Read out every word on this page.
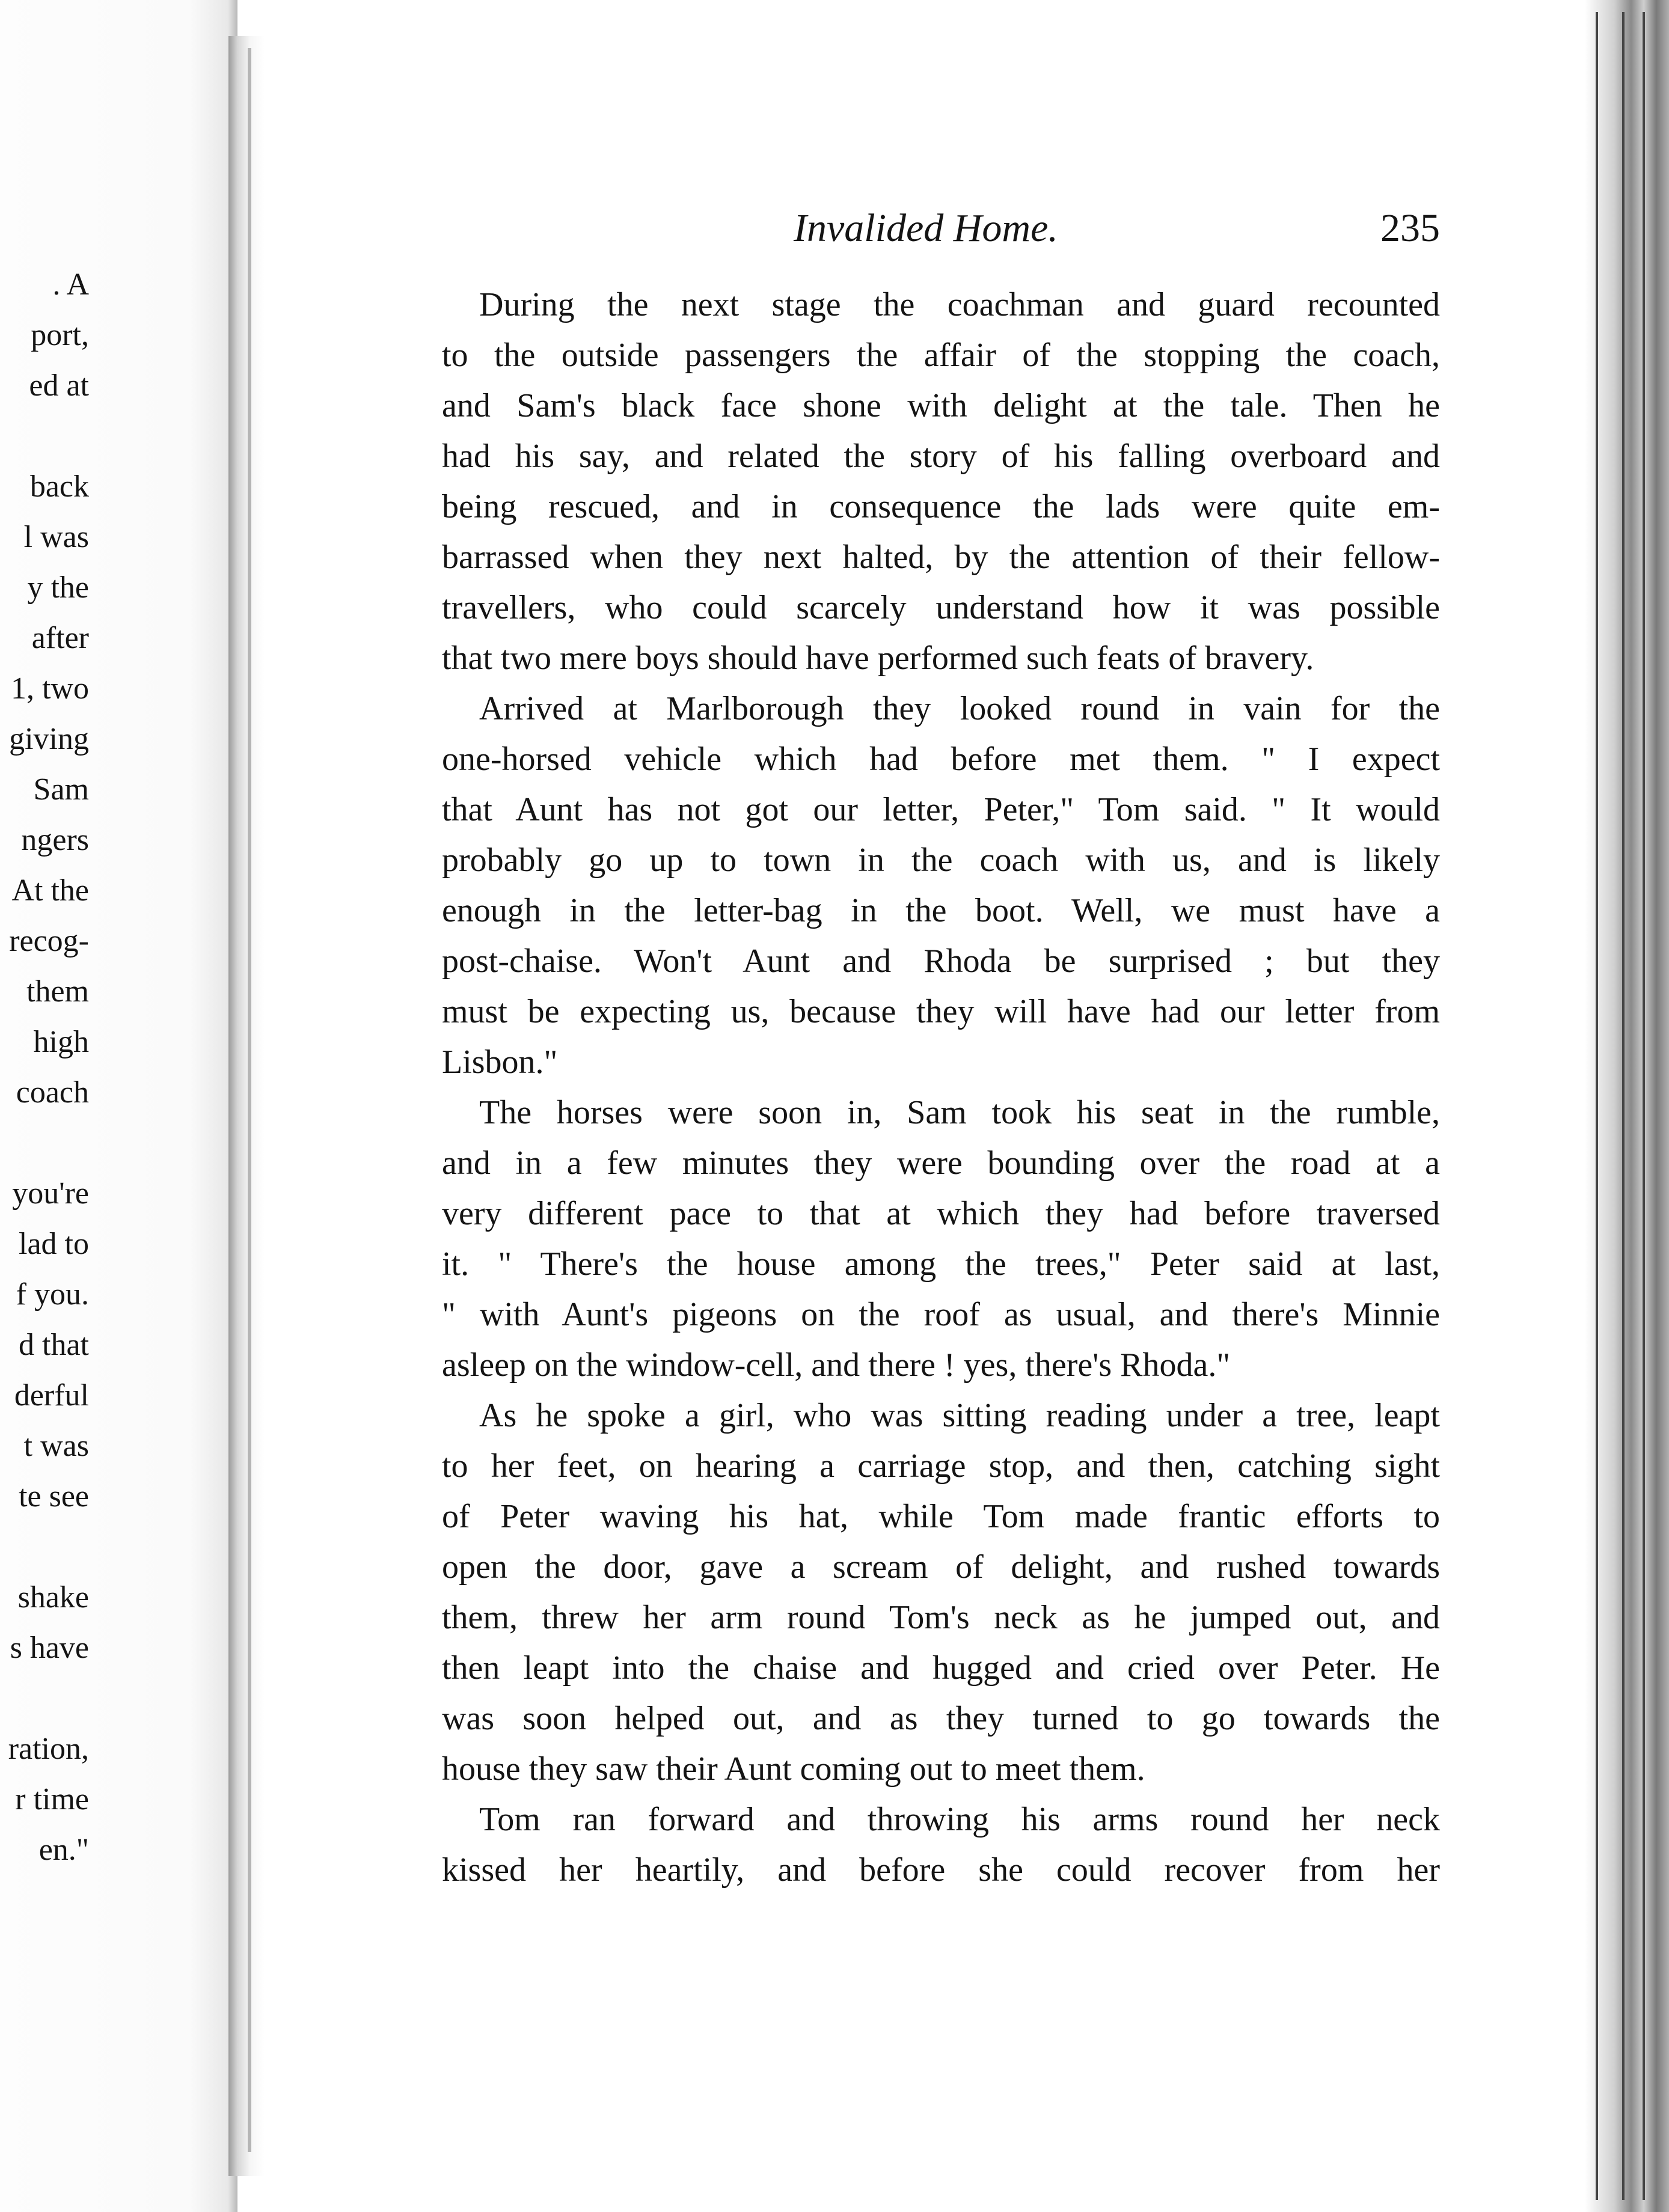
. A
port,
ed at
back
l was
y the
after
1, two
giving
Sam
ngers
At the
recog-
them
high
coach
you're
lad to
f you.
d that
derful
t was
te see
shake
s have
ration,
r time
en."
Invalided Home.	235
During the next stage the coachman and guard recounted
to the outside passengers the affair of the stopping the coach,
and Sam's black face shone with delight at the tale. Then he
had his say, and related the story of his falling overboard and
being rescued, and in consequence the lads were quite em-
barrassed when they next halted, by the attention of their fellow-
travellers, who could scarcely understand how it was possible
that two mere boys should have performed such feats of bravery.
Arrived at Marlborough they looked round in vain for the
one-horsed vehicle which had before met them. " I expect
that Aunt has not got our letter, Peter," Tom said. " It would
probably go up to town in the coach with us, and is likely
enough in the letter-bag in the boot. Well, we must have a
post-chaise. Won't Aunt and Rhoda be surprised ; but they
must be expecting us, because they will have had our letter from
Lisbon."
The horses were soon in, Sam took his seat in the rumble,
and in a few minutes they were bounding over the road at a
very different pace to that at which they had before traversed
it. " There's the house among the trees," Peter said at last,
" with Aunt's pigeons on the roof as usual, and there's Minnie
asleep on the window-cell, and there ! yes, there's Rhoda."
As he spoke a girl, who was sitting reading under a tree, leapt
to her feet, on hearing a carriage stop, and then, catching sight
of Peter waving his hat, while Tom made frantic efforts to
open the door, gave a scream of delight, and rushed towards
them, threw her arm round Tom's neck as he jumped out, and
then leapt into the chaise and hugged and cried over Peter. He
was soon helped out, and as they turned to go towards the
house they saw their Aunt coming out to meet them.
Tom ran forward and throwing his arms round her neck
kissed her heartily, and before she could recover from her
